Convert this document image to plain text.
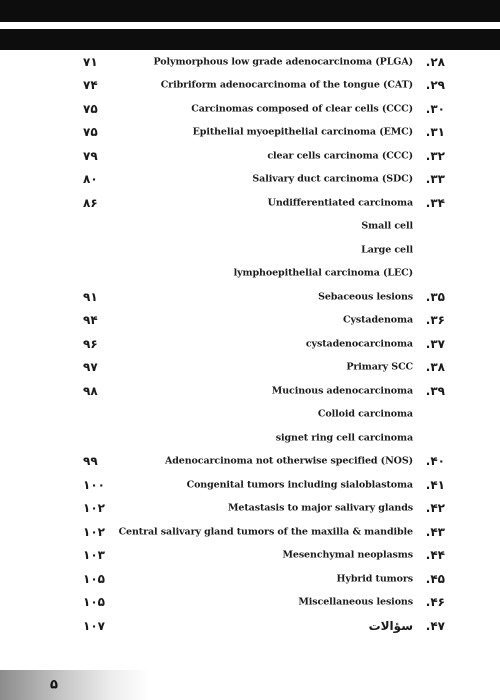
۷۱	Polymorphous low grade adenocarcinoma (PLGA) ۲۸.
۷۴	Cribriform adenocarcinoma of the tongue (CAT) ۲۹.
۷۵	Carcinomas composed of clear cells (CCC) ۳۰.
۷۵	Epithelial myoepithelial carcinoma (EMC) ۳۱.
۷۹	clear cells carcinoma (CCC) ۳۲.
۸۰	Salivary duct carcinoma (SDC) ۳۳.
۸۶	Undifferentiated carcinoma ۳۴.
Small cell
Large cell
lymphoepithelial carcinoma (LEC)
۹۱	Sebaceous lesions ۳۵.
۹۴	Cystadenoma ۳۶.
۹۶	cystadenocarcinoma ۳۷.
۹۷	Primary SCC ۳۸.
۹۸	Mucinous adenocarcinoma ۳۹.
Colloid carcinoma
signet ring cell carcinoma
۹۹	Adenocarcinoma not otherwise specified (NOS) ۴۰.
۱۰۰	Congenital tumors including sialoblastoma ۴۱.
۱۰۲	Metastasis to major salivary glands ۴۲.
۱۰۲ Central salivary gland tumors of the maxilla & mandible ۴۳.
۱۰۳	Mesenchymal neoplasms ۴۴.
۱۰۵	Hybrid tumors ۴۵.
۱۰۵	Miscellaneous lesions ۴۶.
۱۰۷	سؤالات ۴۷.
۵
